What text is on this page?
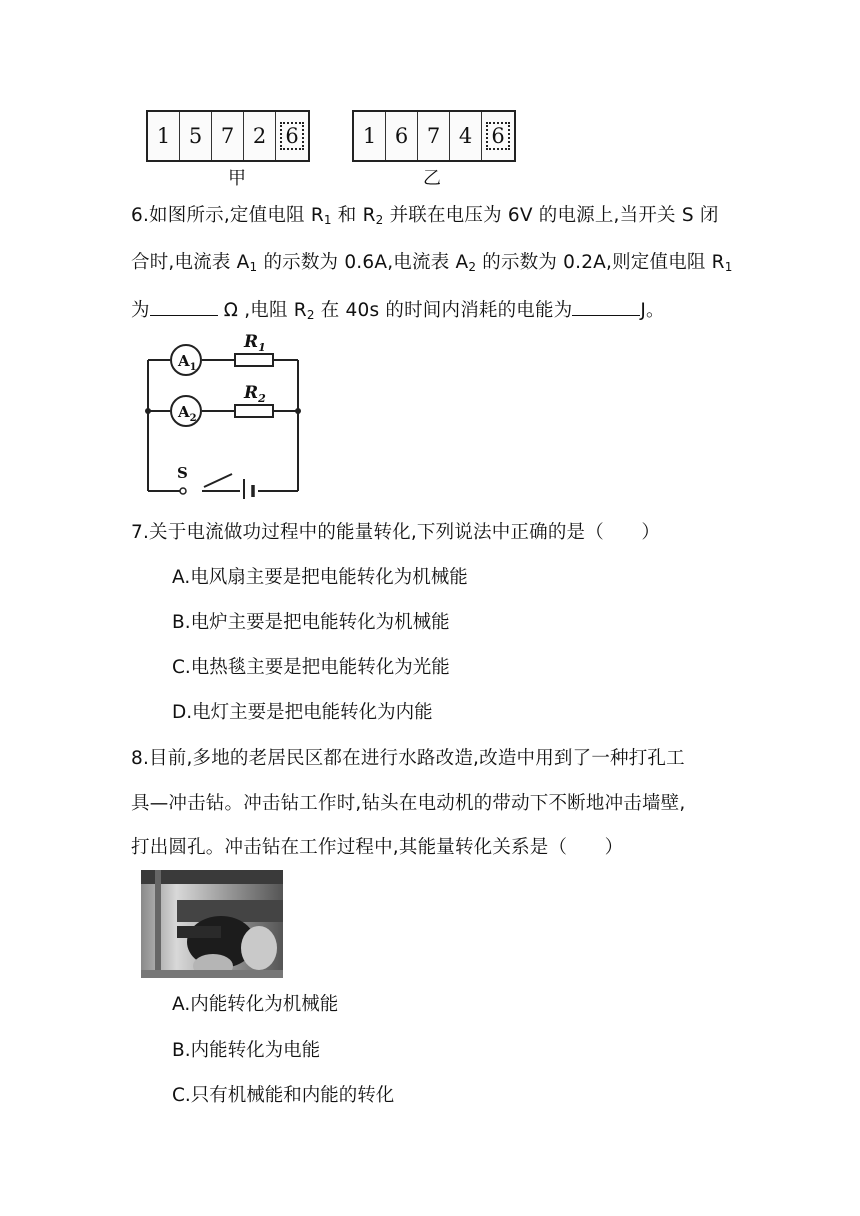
1 5 7 2 6
甲
1 6 7 4 6
乙
6.如图所示,定值电阻 $R_1$ 和 $R_2$ 并联在电压为 6V 的电源上,当开关 S 闭
合时,电流表 $A_1$ 的示数为 0.6A,电流表 $A_2$ 的示数为 0.2A,则定值电阻 $R_1$
为	Ω ,电阻 $R_2$ 在 40s 的时间内消耗的电能为	J。
$A_1$
$A_2$
$R_1$
$R_2$
S
7.关于电流做功过程中的能量转化,下列说法中正确的是（　　）
A.电风扇主要是把电能转化为机械能
B.电炉主要是把电能转化为机械能
C.电热毯主要是把电能转化为光能
D.电灯主要是把电能转化为内能
8.目前,多地的老居民区都在进行水路改造,改造中用到了一种打孔工
具—冲击钻。冲击钻工作时,钻头在电动机的带动下不断地冲击墙壁,
打出圆孔。冲击钻在工作过程中,其能量转化关系是（　　）
A.内能转化为机械能
B.内能转化为电能
C.只有机械能和内能的转化
